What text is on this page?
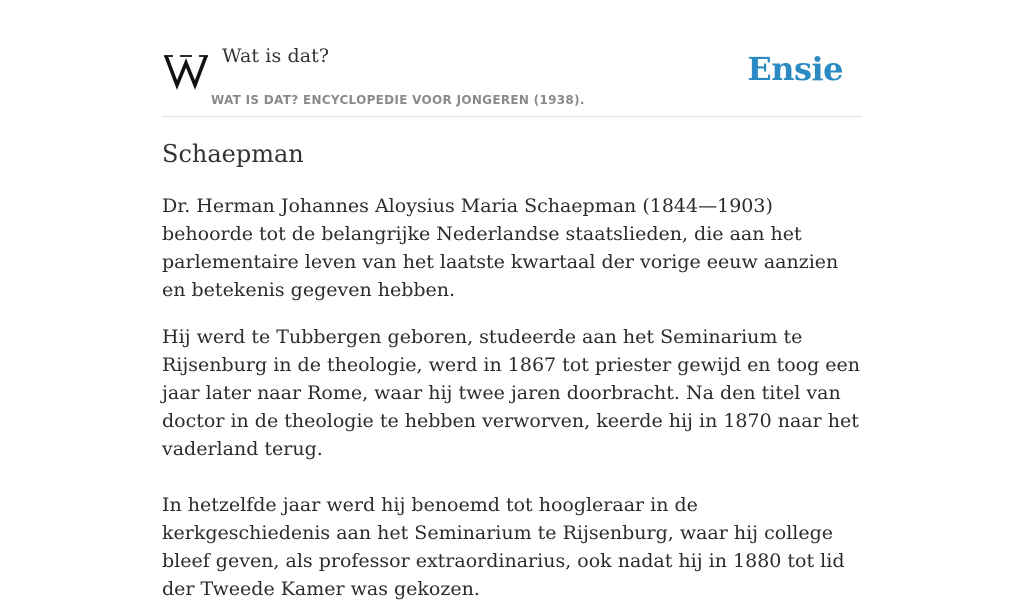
Wat is dat?
WAT IS DAT? ENCYCLOPEDIE VOOR JONGEREN (1938).
Ensie
Schaepman

Dr. Herman Johannes Aloysius Maria Schaepman (1844—1903) behoorde tot de belangrijke Nederlandse staatslieden, die aan het parlementaire leven van het laatste kwartaal der vorige eeuw aanzien en betekenis gegeven hebben.

Hij werd te Tubbergen geboren, studeerde aan het Seminarium te Rijsenburg in de theologie, werd in 1867 tot priester gewijd en toog een jaar later naar Rome, waar hij twee jaren doorbracht. Na den titel van doctor in de theologie te hebben verworven, keerde hij in 1870 naar het vaderland terug.

In hetzelfde jaar werd hij benoemd tot hoogleraar in de kerkgeschiedenis aan het Seminarium te Rijsenburg, waar hij college bleef geven, als professor extraordinarius, ook nadat hij in 1880 tot lid der Tweede Kamer was gekozen.
